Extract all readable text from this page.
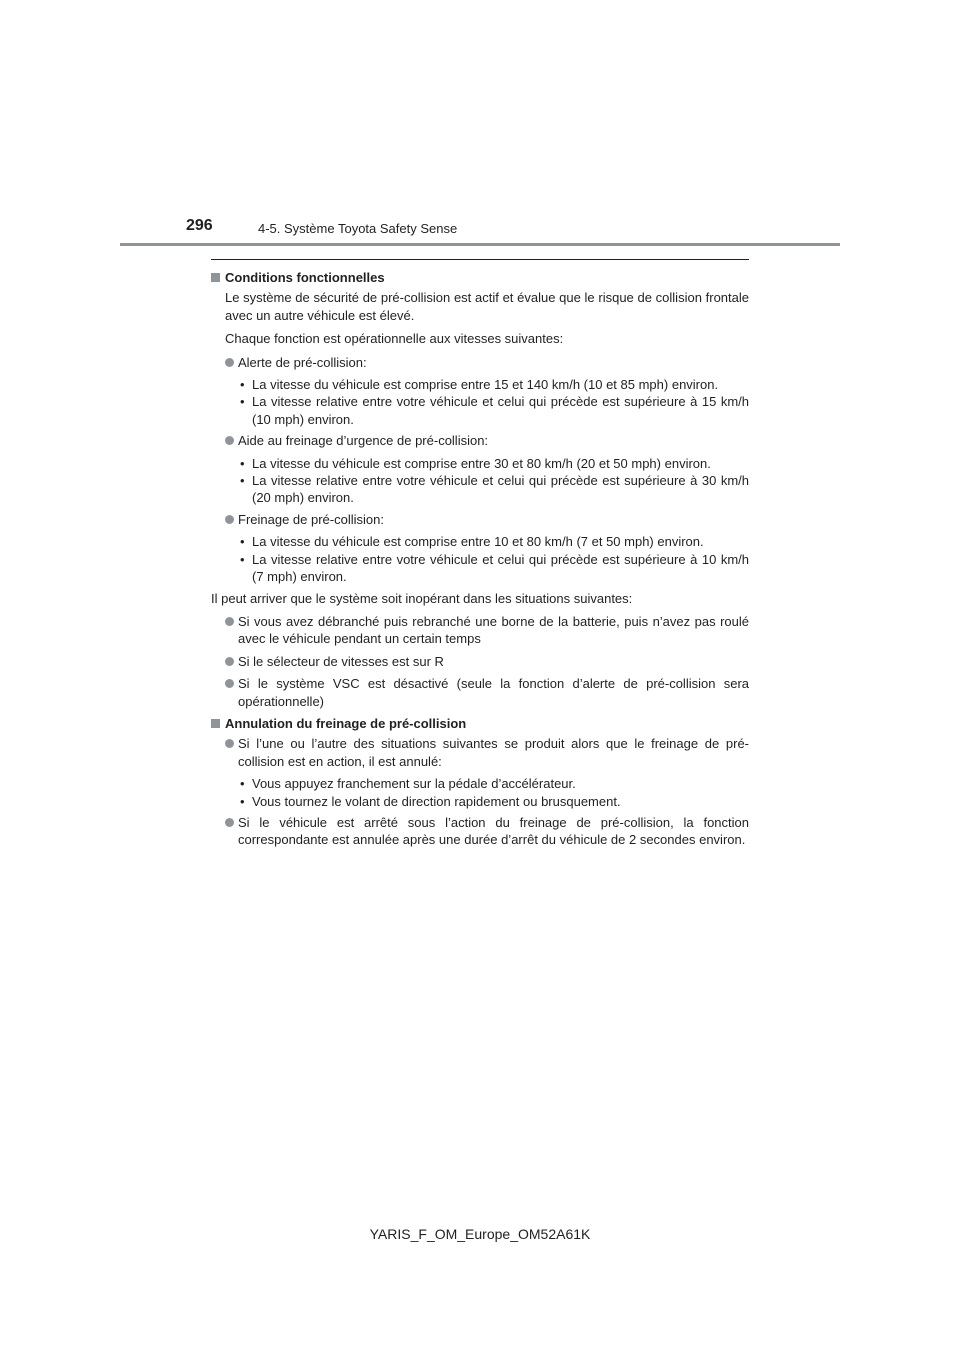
296	4-5. Système Toyota Safety Sense
Conditions fonctionnelles
Le système de sécurité de pré-collision est actif et évalue que le risque de collision frontale avec un autre véhicule est élevé.
Chaque fonction est opérationnelle aux vitesses suivantes:
Alerte de pré-collision:
• La vitesse du véhicule est comprise entre 15 et 140 km/h (10 et 85 mph) environ.
• La vitesse relative entre votre véhicule et celui qui précède est supérieure à 15 km/h (10 mph) environ.
Aide au freinage d’urgence de pré-collision:
• La vitesse du véhicule est comprise entre 30 et 80 km/h (20 et 50 mph) environ.
• La vitesse relative entre votre véhicule et celui qui précède est supérieure à 30 km/h (20 mph) environ.
Freinage de pré-collision:
• La vitesse du véhicule est comprise entre 10 et 80 km/h (7 et 50 mph) environ.
• La vitesse relative entre votre véhicule et celui qui précède est supérieure à 10 km/h (7 mph) environ.
Il peut arriver que le système soit inopérant dans les situations suivantes:
Si vous avez débranché puis rebranché une borne de la batterie, puis n’avez pas roulé avec le véhicule pendant un certain temps
Si le sélecteur de vitesses est sur R
Si le système VSC est désactivé (seule la fonction d’alerte de pré-collision sera opérationnelle)
Annulation du freinage de pré-collision
Si l’une ou l’autre des situations suivantes se produit alors que le freinage de pré-collision est en action, il est annulé:
• Vous appuyez franchement sur la pédale d’accélérateur.
• Vous tournez le volant de direction rapidement ou brusquement.
Si le véhicule est arrêté sous l’action du freinage de pré-collision, la fonction correspondante est annulée après une durée d’arrêt du véhicule de 2 secondes environ.
YARIS_F_OM_Europe_OM52A61K
